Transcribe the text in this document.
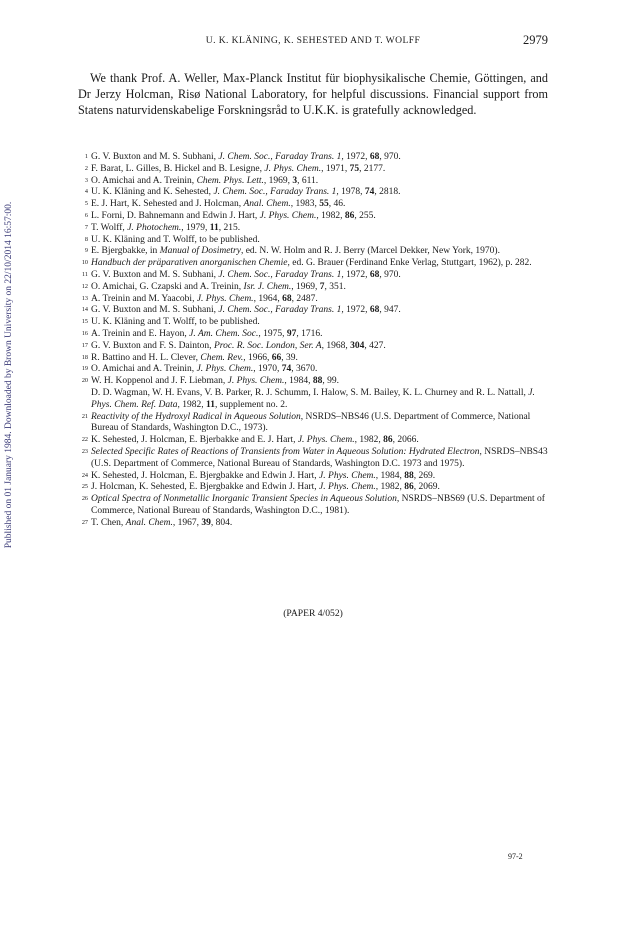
Published on 01 January 1984. Downloaded by Brown University on 22/10/2014 16:57:00.
U. K. KLÄNING, K. SEHESTED AND T. WOLFF	2979

We thank Prof. A. Weller, Max-Planck Institut für biophysikalische Chemie, Göttingen, and Dr Jerzy Holcman, Risø National Laboratory, for helpful discussions. Financial support from Statens naturvidenskabelige Forskningsråd to U.K.K. is gratefully acknowledged.

1 G. V. Buxton and M. S. Subhani, J. Chem. Soc., Faraday Trans. 1, 1972, 68, 970.
2 F. Barat, L. Gilles, B. Hickel and B. Lesigne, J. Phys. Chem., 1971, 75, 2177.
3 O. Amichai and A. Treinin, Chem. Phys. Lett., 1969, 3, 611.
4 U. K. Kläning and K. Sehested, J. Chem. Soc., Faraday Trans. 1, 1978, 74, 2818.
5 E. J. Hart, K. Sehested and J. Holcman, Anal. Chem., 1983, 55, 46.
6 L. Forni, D. Bahnemann and Edwin J. Hart, J. Phys. Chem., 1982, 86, 255.
7 T. Wolff, J. Photochem., 1979, 11, 215.
8 U. K. Kläning and T. Wolff, to be published.
9 E. Bjergbakke, in Manual of Dosimetry, ed. N. W. Holm and R. J. Berry (Marcel Dekker, New York, 1970).
10 Handbuch der präparativen anorganischen Chemie, ed. G. Brauer (Ferdinand Enke Verlag, Stuttgart, 1962), p. 282.
11 G. V. Buxton and M. S. Subhani, J. Chem. Soc., Faraday Trans. 1, 1972, 68, 970.
12 O. Amichai, G. Czapski and A. Treinin, Isr. J. Chem., 1969, 7, 351.
13 A. Treinin and M. Yaacobi, J. Phys. Chem., 1964, 68, 2487.
14 G. V. Buxton and M. S. Subhani, J. Chem. Soc., Faraday Trans. 1, 1972, 68, 947.
15 U. K. Kläning and T. Wolff, to be published.
16 A. Treinin and E. Hayon, J. Am. Chem. Soc., 1975, 97, 1716.
17 G. V. Buxton and F. S. Dainton, Proc. R. Soc. London, Ser. A, 1968, 304, 427.
18 R. Battino and H. L. Clever, Chem. Rev., 1966, 66, 39.
19 O. Amichai and A. Treinin, J. Phys. Chem., 1970, 74, 3670.
20 W. H. Koppenol and J. F. Liebman, J. Phys. Chem., 1984, 88, 99.
D. D. Wagman, W. H. Evans, V. B. Parker, R. J. Schumm, I. Halow, S. M. Bailey, K. L. Churney and R. L. Nattall, J. Phys. Chem. Ref. Data, 1982, 11, supplement no. 2.
21 Reactivity of the Hydroxyl Radical in Aqueous Solution, NSRDS–NBS46 (U.S. Department of Commerce, National Bureau of Standards, Washington D.C., 1973).
22 K. Sehested, J. Holcman, E. Bjerbakke and E. J. Hart, J. Phys. Chem., 1982, 86, 2066.
23 Selected Specific Rates of Reactions of Transients from Water in Aqueous Solution: Hydrated Electron, NSRDS–NBS43 (U.S. Department of Commerce, National Bureau of Standards, Washington D.C. 1973 and 1975).
24 K. Sehested, J. Holcman, E. Bjergbakke and Edwin J. Hart, J. Phys. Chem., 1984, 88, 269.
25 J. Holcman, K. Sehested, E. Bjergbakke and Edwin J. Hart, J. Phys. Chem., 1982, 86, 2069.
26 Optical Spectra of Nonmetallic Inorganic Transient Species in Aqueous Solution, NSRDS–NBS69 (U.S. Department of Commerce, National Bureau of Standards, Washington D.C., 1981).
27 T. Chen, Anal. Chem., 1967, 39, 804.
(PAPER 4/052)
97-2
